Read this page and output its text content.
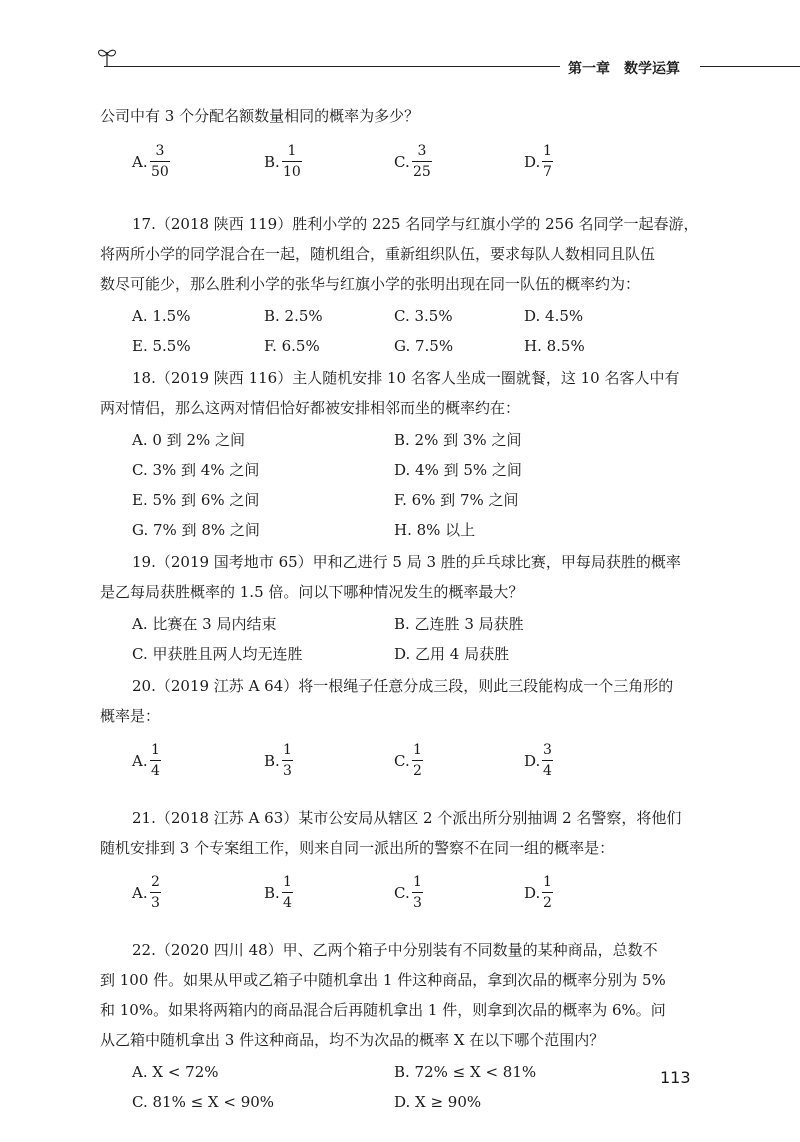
第一章　数学运算
公司中有 3 个分配名额数量相同的概率为多少？
A. $\frac{3}{50}$	B. $\frac{1}{10}$	C. $\frac{3}{25}$	D. $\frac{1}{7}$
17.（2018 陕西 119）胜利小学的 225 名同学与红旗小学的 256 名同学一起春游，
将两所小学的同学混合在一起，随机组合，重新组织队伍，要求每队人数相同且队伍
数尽可能少，那么胜利小学的张华与红旗小学的张明出现在同一队伍的概率约为：
A. 1.5%	B. 2.5%	C. 3.5%	D. 4.5%
E. 5.5%	F. 6.5%	G. 7.5%	H. 8.5%
18.（2019 陕西 116）主人随机安排 10 名客人坐成一圈就餐，这 10 名客人中有
两对情侣，那么这两对情侣恰好都被安排相邻而坐的概率约在：
A. 0 到 2% 之间	B. 2% 到 3% 之间
C. 3% 到 4% 之间	D. 4% 到 5% 之间
E. 5% 到 6% 之间	F. 6% 到 7% 之间
G. 7% 到 8% 之间	H. 8% 以上
19.（2019 国考地市 65）甲和乙进行 5 局 3 胜的乒乓球比赛，甲每局获胜的概率
是乙每局获胜概率的 1.5 倍。问以下哪种情况发生的概率最大？
A. 比赛在 3 局内结束	B. 乙连胜 3 局获胜
C. 甲获胜且两人均无连胜	D. 乙用 4 局获胜
20.（2019 江苏 A 64）将一根绳子任意分成三段，则此三段能构成一个三角形的
概率是：
A. $\frac{1}{4}$	B. $\frac{1}{3}$	C. $\frac{1}{2}$	D. $\frac{3}{4}$
21.（2018 江苏 A 63）某市公安局从辖区 2 个派出所分别抽调 2 名警察，将他们
随机安排到 3 个专案组工作，则来自同一派出所的警察不在同一组的概率是：
A. $\frac{2}{3}$	B. $\frac{1}{4}$	C. $\frac{1}{3}$	D. $\frac{1}{2}$
22.（2020 四川 48）甲、乙两个箱子中分别装有不同数量的某种商品，总数不
到 100 件。如果从甲或乙箱子中随机拿出 1 件这种商品，拿到次品的概率分别为 5%
和 10%。如果将两箱内的商品混合后再随机拿出 1 件，则拿到次品的概率为 6%。问
从乙箱中随机拿出 3 件这种商品，均不为次品的概率 X 在以下哪个范围内？
A. X < 72%	B. 72% ≤ X < 81%
C. 81% ≤ X < 90%	D. X ≥ 90%
113
